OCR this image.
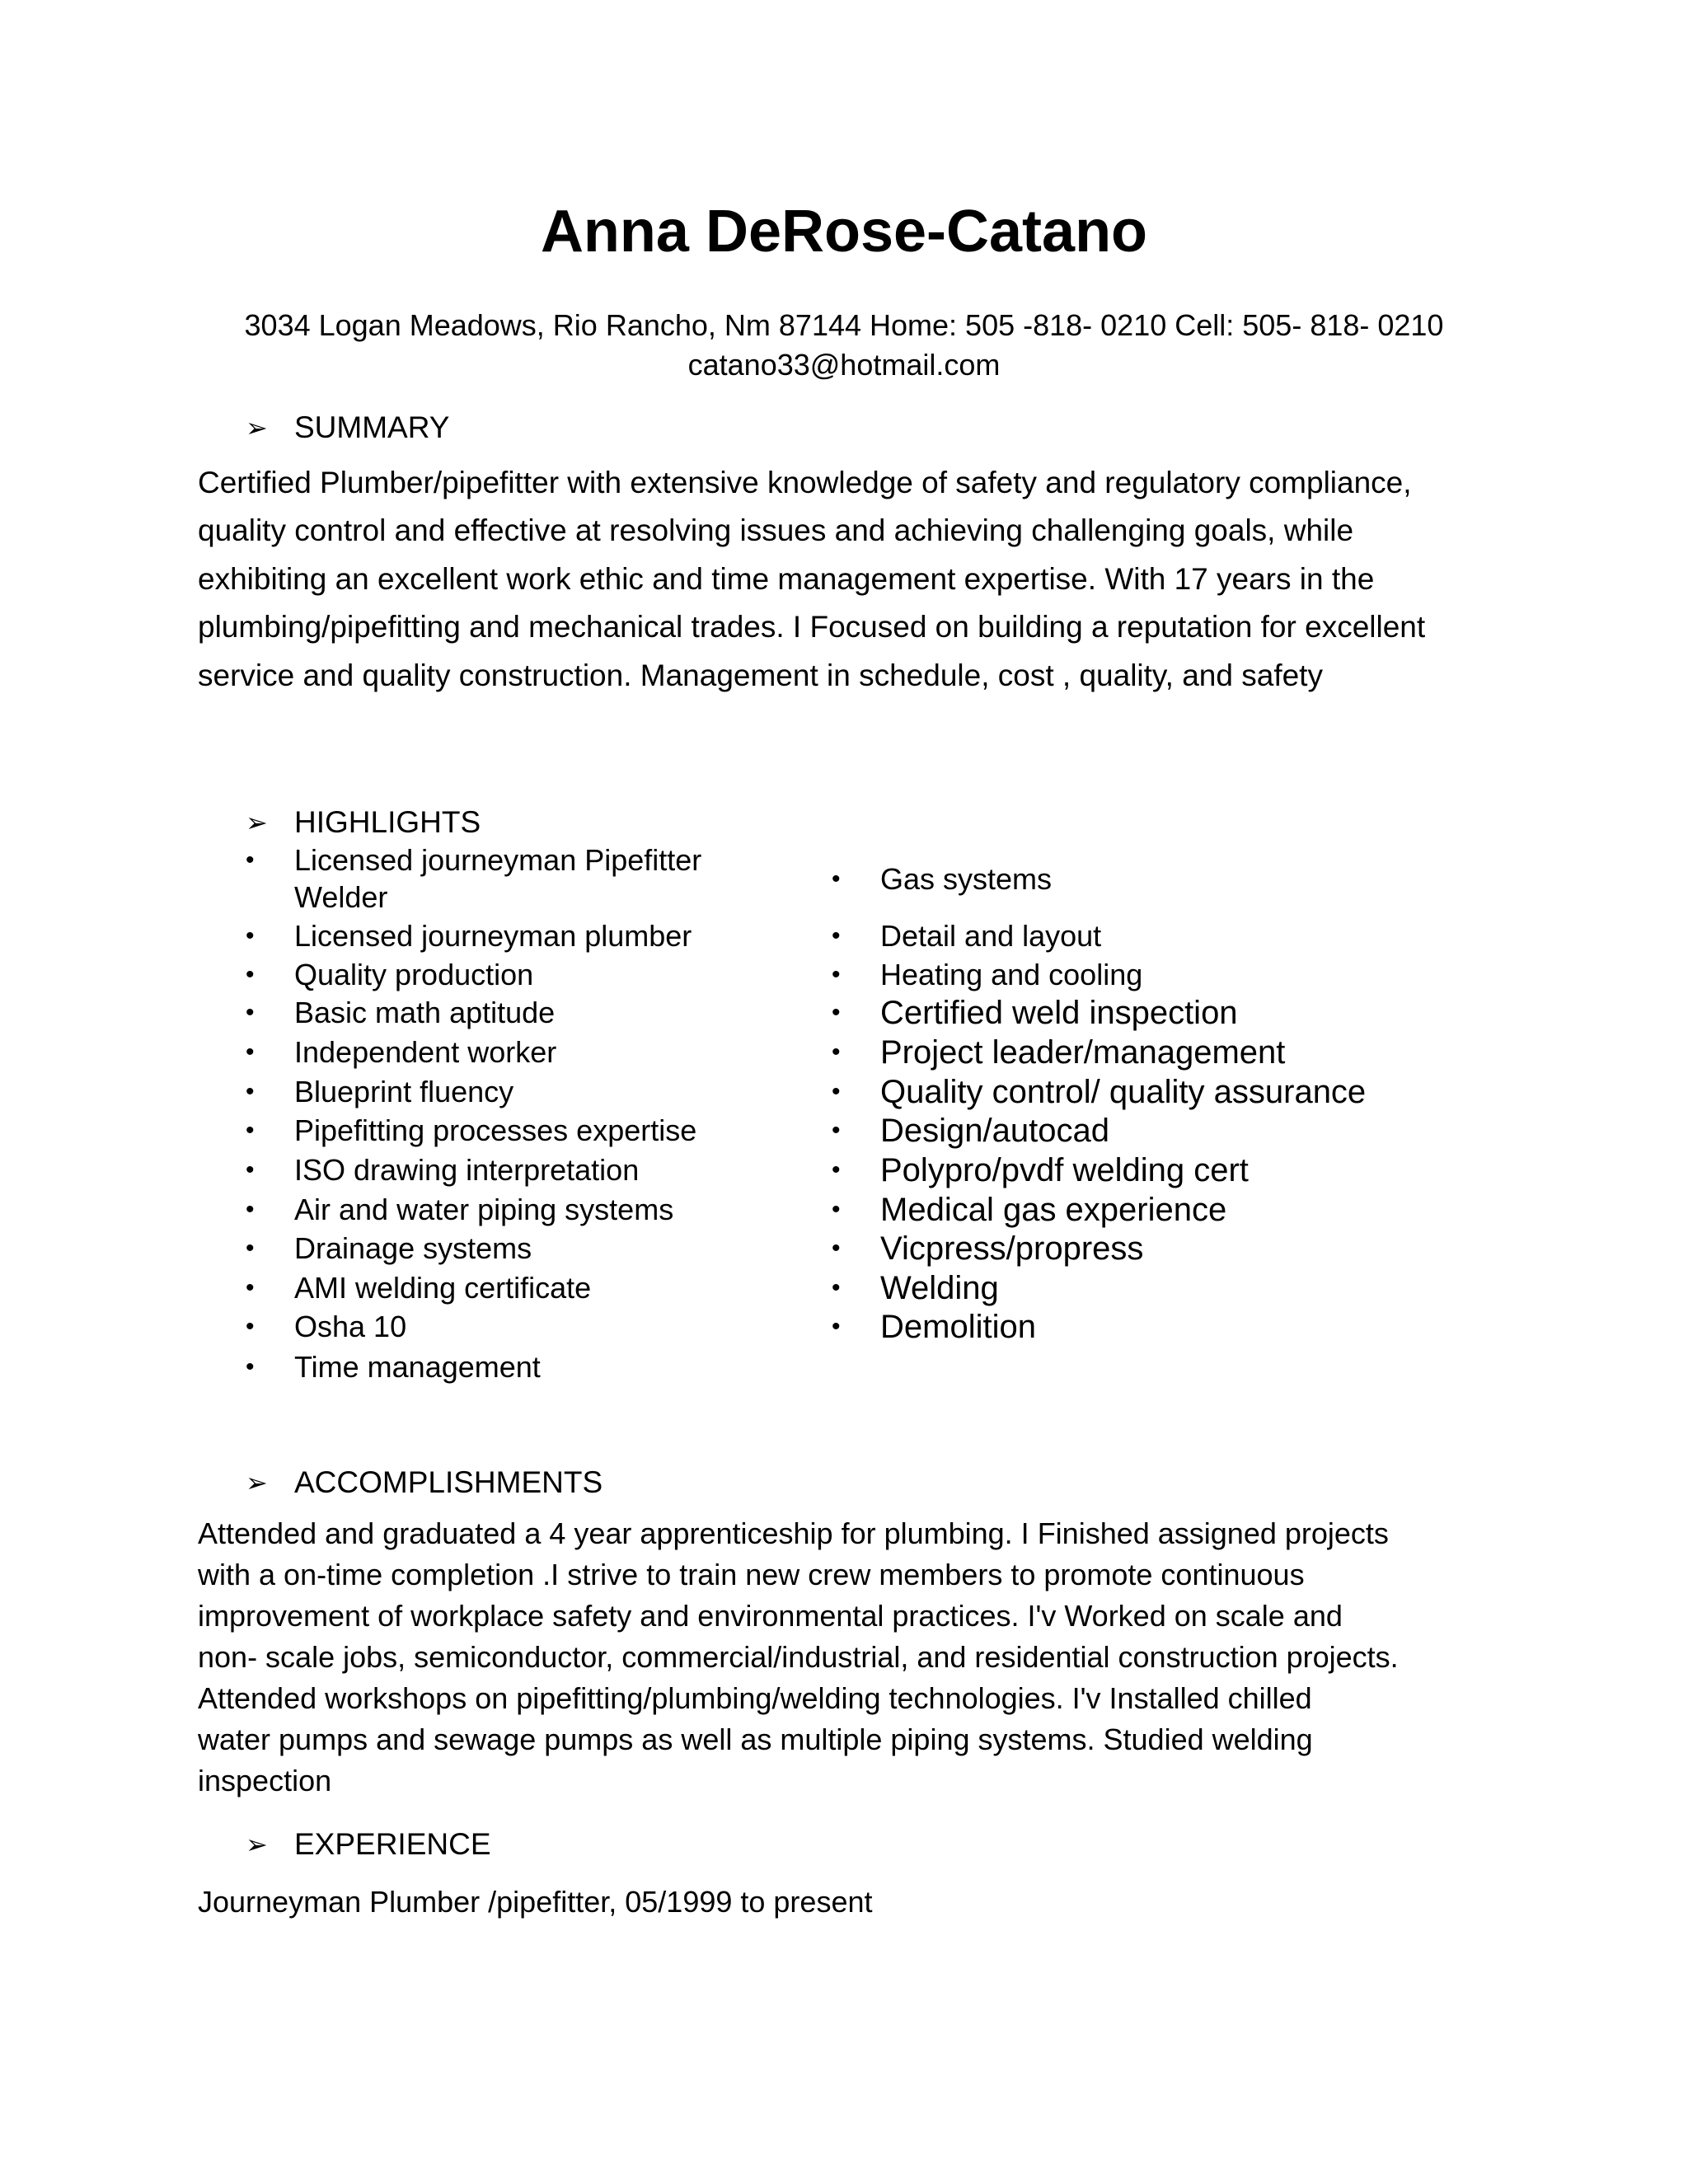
Anna DeRose-Catano
3034 Logan Meadows, Rio Rancho, Nm 87144 Home: 505 -818- 0210 Cell: 505- 818- 0210
catano33@hotmail.com
➢ SUMMARY
Certified Plumber/pipefitter with extensive knowledge of safety and regulatory compliance,
quality control and effective at resolving issues and achieving challenging goals, while
exhibiting an excellent work ethic and time management expertise. With 17 years in the
plumbing/pipefitting and mechanical trades. I Focused on building a reputation for excellent
service and quality construction. Management in schedule, cost , quality, and safety
➢ HIGHLIGHTS
• Licensed journeyman Pipefitter
Welder
• Licensed journeyman plumber
• Quality production
• Basic math aptitude
• Independent worker
• Blueprint fluency
• Pipefitting processes expertise
• ISO drawing interpretation
• Air and water piping systems
• Drainage systems
• AMI welding certificate
• Osha 10
• Time management
• Gas systems
• Detail and layout
• Heating and cooling
• Certified weld inspection
• Project leader/management
• Quality control/ quality assurance
• Design/autocad
• Polypro/pvdf welding cert
• Medical gas experience
• Vicpress/propress
• Welding
• Demolition
➢ ACCOMPLISHMENTS
Attended and graduated a 4 year apprenticeship for plumbing. I Finished assigned projects
with a on-time completion .I strive to train new crew members to promote continuous
improvement of workplace safety and environmental practices. I'v Worked on scale and
non- scale jobs, semiconductor, commercial/industrial, and residential construction projects.
Attended workshops on pipefitting/plumbing/welding technologies. I'v Installed chilled
water pumps and sewage pumps as well as multiple piping systems. Studied welding
inspection
➢ EXPERIENCE
Journeyman Plumber /pipefitter, 05/1999 to present
